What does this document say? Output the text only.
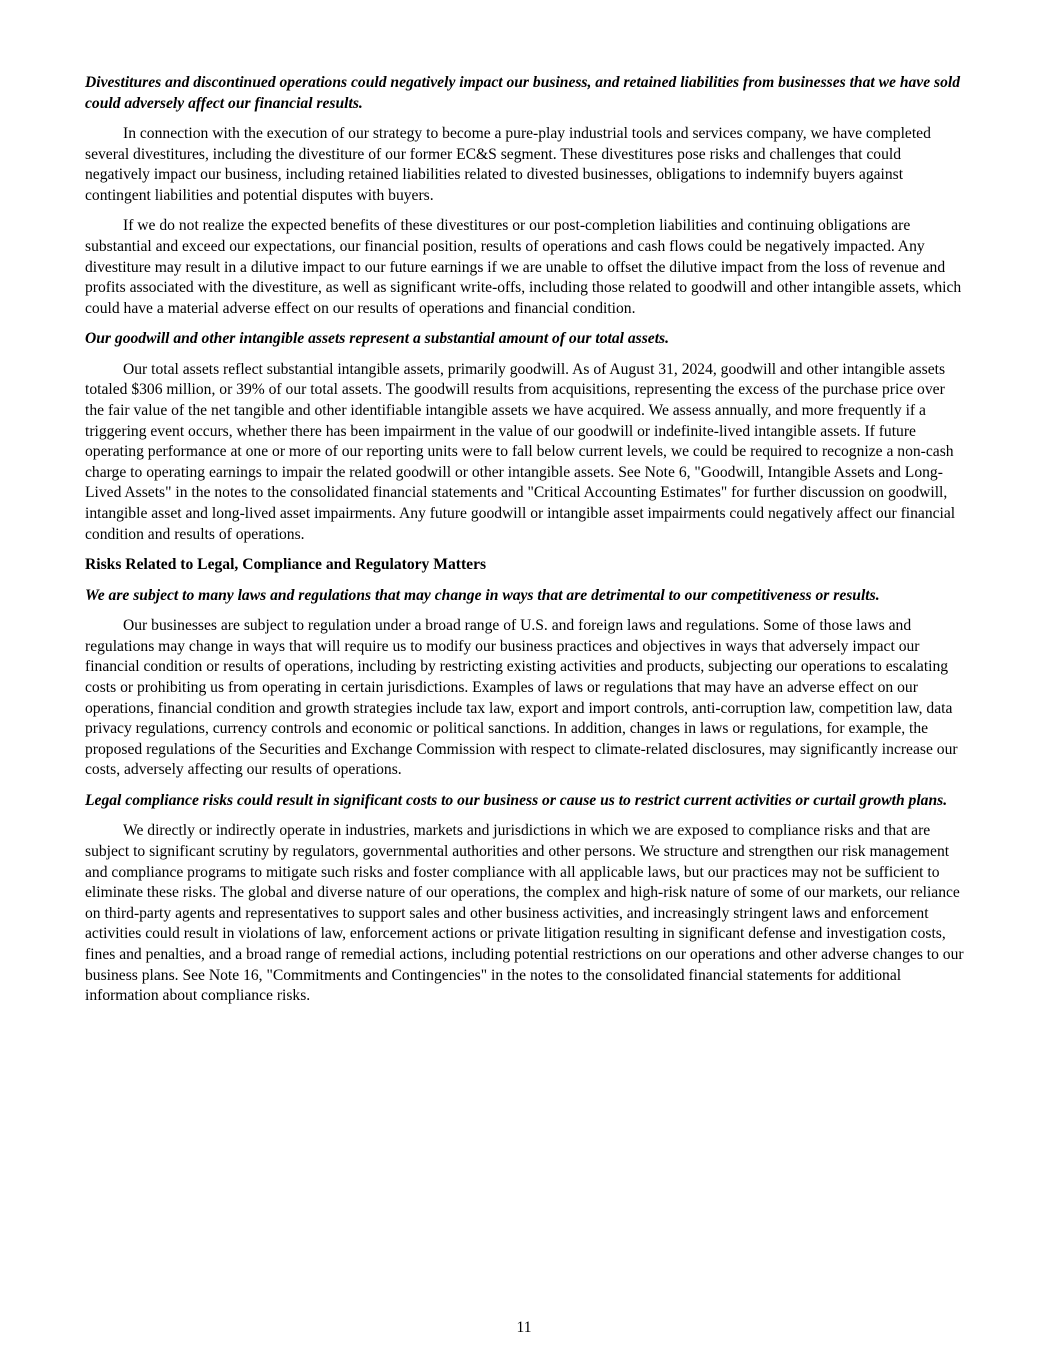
Divestitures and discontinued operations could negatively impact our business, and retained liabilities from businesses that we have sold could adversely affect our financial results.

In connection with the execution of our strategy to become a pure-play industrial tools and services company, we have completed several divestitures, including the divestiture of our former EC&S segment. These divestitures pose risks and challenges that could negatively impact our business, including retained liabilities related to divested businesses, obligations to indemnify buyers against contingent liabilities and potential disputes with buyers.

If we do not realize the expected benefits of these divestitures or our post-completion liabilities and continuing obligations are substantial and exceed our expectations, our financial position, results of operations and cash flows could be negatively impacted. Any divestiture may result in a dilutive impact to our future earnings if we are unable to offset the dilutive impact from the loss of revenue and profits associated with the divestiture, as well as significant write-offs, including those related to goodwill and other intangible assets, which could have a material adverse effect on our results of operations and financial condition.

Our goodwill and other intangible assets represent a substantial amount of our total assets.

Our total assets reflect substantial intangible assets, primarily goodwill. As of August 31, 2024, goodwill and other intangible assets totaled $306 million, or 39% of our total assets. The goodwill results from acquisitions, representing the excess of the purchase price over the fair value of the net tangible and other identifiable intangible assets we have acquired. We assess annually, and more frequently if a triggering event occurs, whether there has been impairment in the value of our goodwill or indefinite-lived intangible assets. If future operating performance at one or more of our reporting units were to fall below current levels, we could be required to recognize a non-cash charge to operating earnings to impair the related goodwill or other intangible assets. See Note 6, "Goodwill, Intangible Assets and Long-Lived Assets" in the notes to the consolidated financial statements and "Critical Accounting Estimates" for further discussion on goodwill, intangible asset and long-lived asset impairments. Any future goodwill or intangible asset impairments could negatively affect our financial condition and results of operations.

Risks Related to Legal, Compliance and Regulatory Matters

We are subject to many laws and regulations that may change in ways that are detrimental to our competitiveness or results.

Our businesses are subject to regulation under a broad range of U.S. and foreign laws and regulations. Some of those laws and regulations may change in ways that will require us to modify our business practices and objectives in ways that adversely impact our financial condition or results of operations, including by restricting existing activities and products, subjecting our operations to escalating costs or prohibiting us from operating in certain jurisdictions. Examples of laws or regulations that may have an adverse effect on our operations, financial condition and growth strategies include tax law, export and import controls, anti-corruption law, competition law, data privacy regulations, currency controls and economic or political sanctions. In addition, changes in laws or regulations, for example, the proposed regulations of the Securities and Exchange Commission with respect to climate-related disclosures, may significantly increase our costs, adversely affecting our results of operations.

Legal compliance risks could result in significant costs to our business or cause us to restrict current activities or curtail growth plans.

We directly or indirectly operate in industries, markets and jurisdictions in which we are exposed to compliance risks and that are subject to significant scrutiny by regulators, governmental authorities and other persons. We structure and strengthen our risk management and compliance programs to mitigate such risks and foster compliance with all applicable laws, but our practices may not be sufficient to eliminate these risks. The global and diverse nature of our operations, the complex and high-risk nature of some of our markets, our reliance on third-party agents and representatives to support sales and other business activities, and increasingly stringent laws and enforcement activities could result in violations of law, enforcement actions or private litigation resulting in significant defense and investigation costs, fines and penalties, and a broad range of remedial actions, including potential restrictions on our operations and other adverse changes to our business plans. See Note 16, "Commitments and Contingencies" in the notes to the consolidated financial statements for additional information about compliance risks.

11
